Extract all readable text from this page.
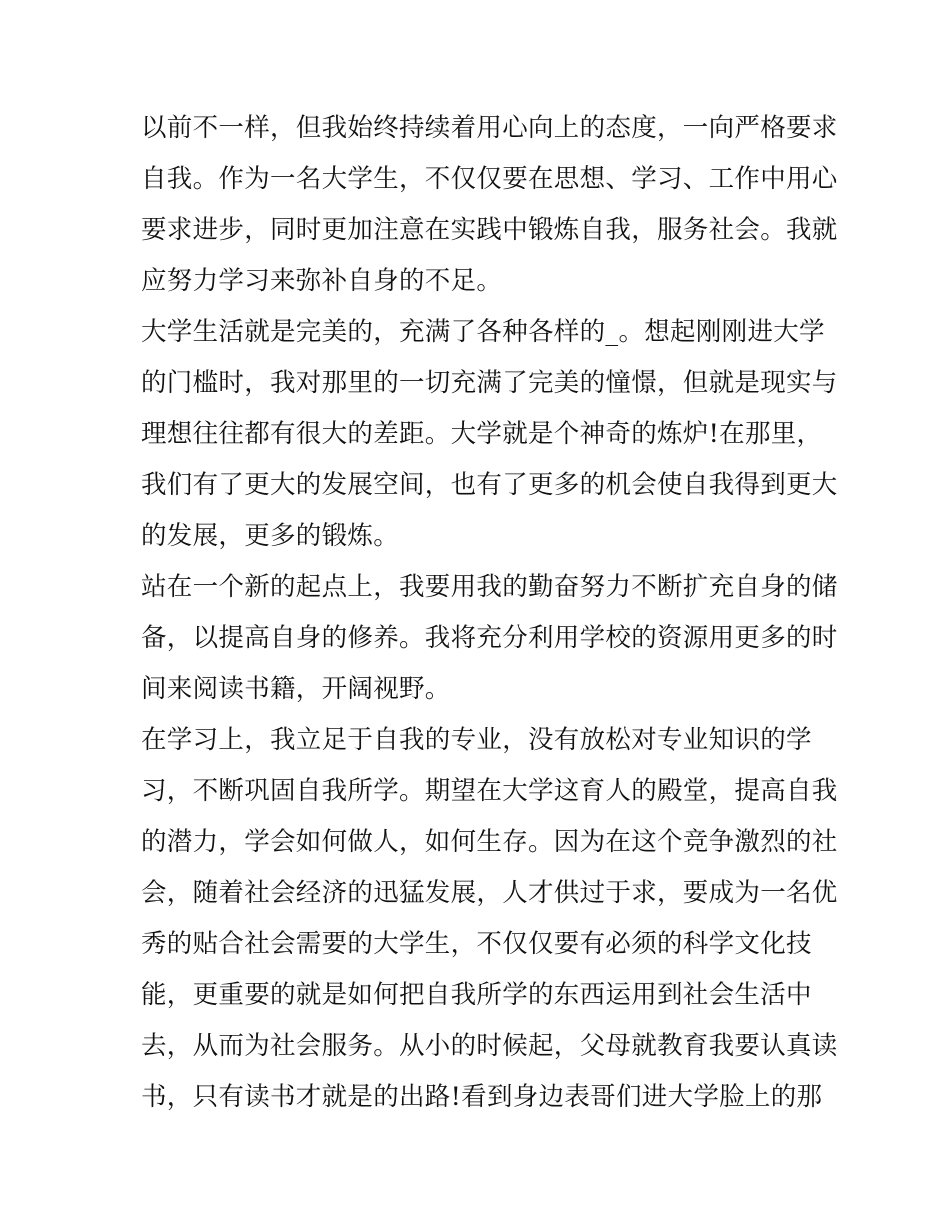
以前不一样，但我始终持续着用心向上的态度，一向严格要求
自我。作为一名大学生，不仅仅要在思想、学习、工作中用心
要求进步，同时更加注意在实践中锻炼自我，服务社会。我就
应努力学习来弥补自身的不足。
大学生活就是完美的，充满了各种各样的_。想起刚刚进大学
的门槛时，我对那里的一切充满了完美的憧憬，但就是现实与
理想往往都有很大的差距。大学就是个神奇的炼炉!在那里，
我们有了更大的发展空间，也有了更多的机会使自我得到更大
的发展，更多的锻炼。
站在一个新的起点上，我要用我的勤奋努力不断扩充自身的储
备，以提高自身的修养。我将充分利用学校的资源用更多的时
间来阅读书籍，开阔视野。
在学习上，我立足于自我的专业，没有放松对专业知识的学
习，不断巩固自我所学。期望在大学这育人的殿堂，提高自我
的潜力，学会如何做人，如何生存。因为在这个竞争激烈的社
会，随着社会经济的迅猛发展，人才供过于求，要成为一名优
秀的贴合社会需要的大学生，不仅仅要有必须的科学文化技
能，更重要的就是如何把自我所学的东西运用到社会生活中
去，从而为社会服务。从小的时候起，父母就教育我要认真读
书，只有读书才就是的出路!看到身边表哥们进大学脸上的那
